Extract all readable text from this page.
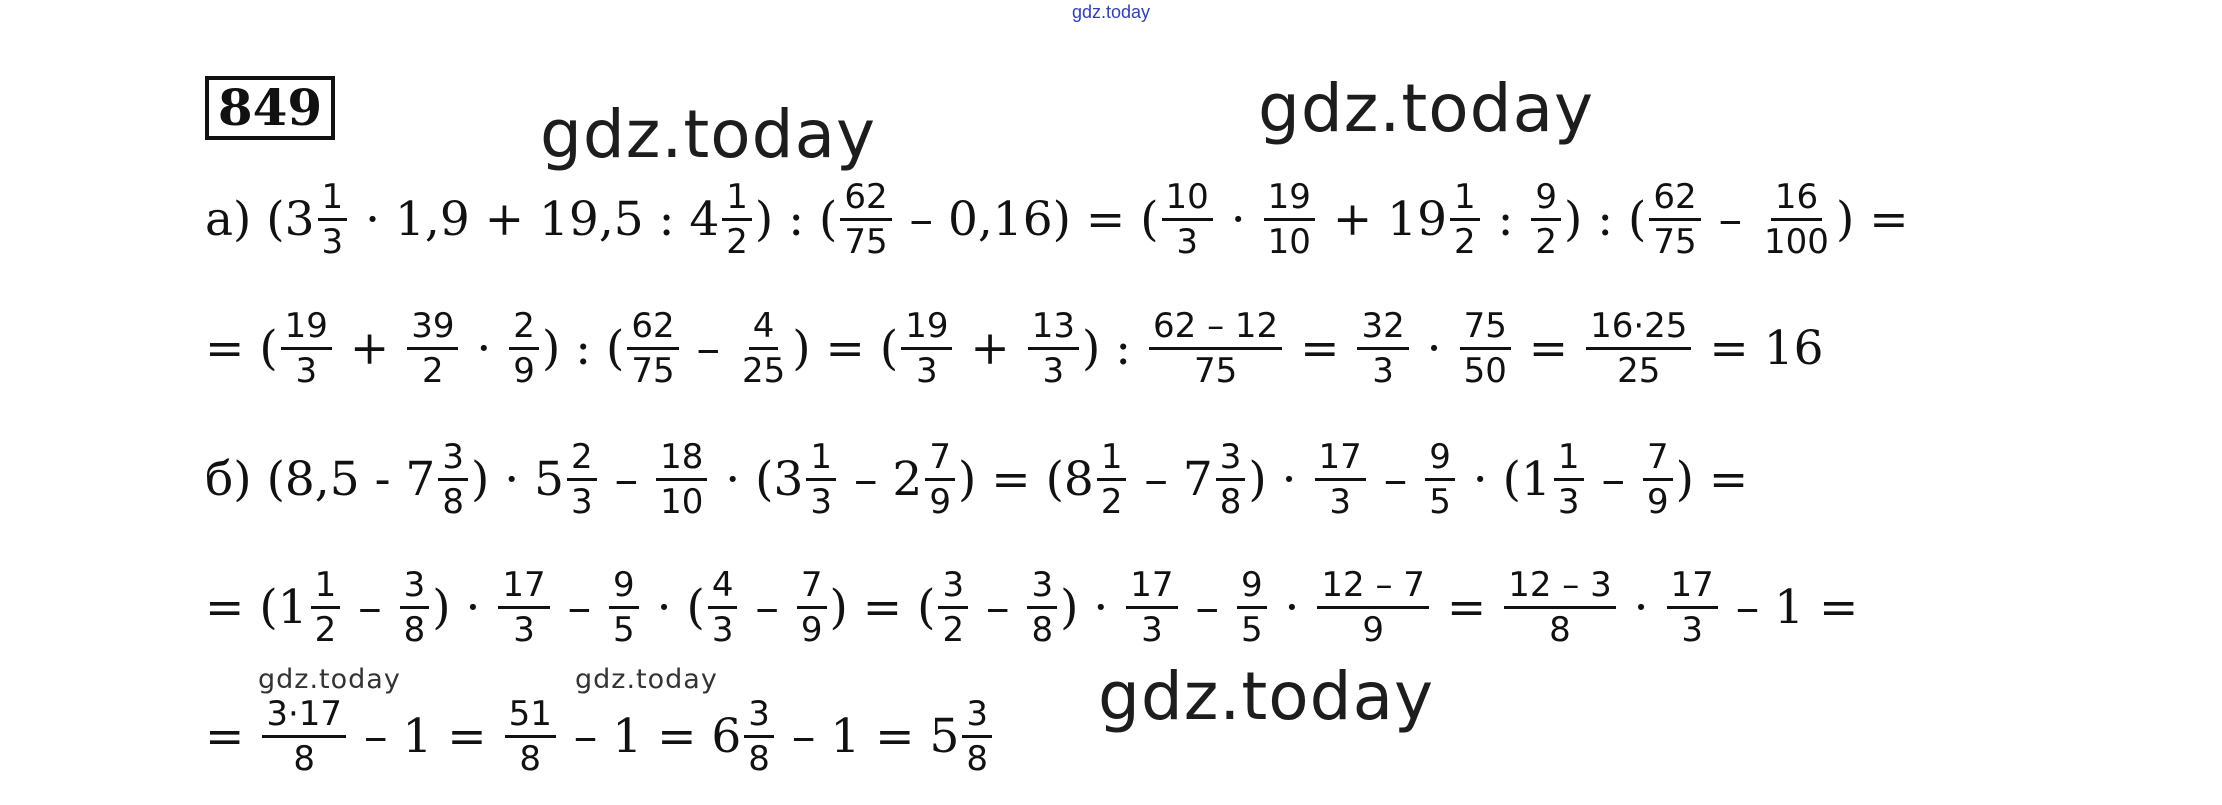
gdz.today
gdz.today	gdz.today
gdz.today	gdz.today	gdz.today
849
а) ($3 \frac{1}{3} \cdot 1,9 + 19,5$ : $4 \frac{1}{2}$ ) : ( $\frac{62}{75} - 0,16$) = ( $\frac{10}{3} \cdot \frac{19}{10} + 19 \frac{1}{2}$ : $\frac{9}{2}$ ) : ( $\frac{62}{75} - \frac{16}{100}$ ) =
= ( $\frac{19}{3} + \frac{39}{2} \cdot \frac{2}{9}$ ) : ( $\frac{62}{75} - \frac{4}{25}$ ) = ( $\frac{19}{3} + \frac{13}{3}$ ) : $\frac{62 - 12}{75} = \frac{32}{3} \cdot \frac{75}{50} = \frac{16\cdot 25}{25} = 16$
б) ($8,5 - 7 \frac{3}{8}$ ) · $5 \frac{2}{3} - \frac{18}{10} \cdot (3 \frac{1}{3} - 2 \frac{7}{9}$ ) = ($8 \frac{1}{2} - 7 \frac{3}{8}$ ) · $\frac{17}{3} - \frac{9}{5} \cdot (1 \frac{1}{3} - \frac{7}{9}$ ) =
= ($1 \frac{1}{2} - \frac{3}{8}$ ) · $\frac{17}{3} - \frac{9}{5}$ · ( $\frac{4}{3} - \frac{7}{9}$ ) = ( $\frac{3}{2} - \frac{3}{8}$ ) · $\frac{17}{3} - \frac{9}{5} \cdot \frac{12 - 7}{9} = \frac{12 - 3}{8} \cdot \frac{17}{3} - 1$ =
= $\frac{3\cdot 17}{8} - 1 = \frac{51}{8} - 1 = 6 \frac{3}{8} - 1 = 5 \frac{3}{8}$
